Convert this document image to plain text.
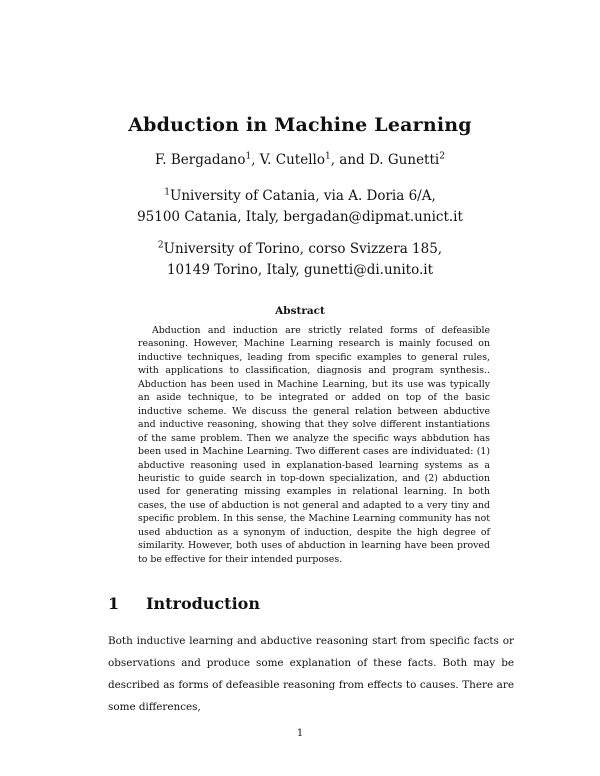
Abduction in Machine Learning
F. Bergadano$^1$, V. Cutello$^1$, and D. Gunetti$^2$
$^1$University of Catania, via A. Doria 6/A,
95100 Catania, Italy, bergadan@dipmat.unict.it
$^2$University of Torino, corso Svizzera 185,
10149 Torino, Italy, gunetti@di.unito.it
Abstract

Abduction and induction are strictly related forms of defeasible reasoning. However, Machine Learning research is mainly focused on inductive techniques, leading from specific examples to general rules, with applications to classification, diagnosis and program synthesis.. Abduction has been used in Machine Learning, but its use was typically an aside technique, to be integrated or added on top of the basic inductive scheme. We discuss the general relation between abductive and inductive reasoning, showing that they solve different instantiations of the same problem. Then we analyze the specific ways abbdution has been used in Machine Learning. Two different cases are individuated: (1) abductive reasoning used in explanation-based learning systems as a heuristic to guide search in top-down specialization, and (2) abduction used for generating missing examples in relational learning. In both cases, the use of abduction is not general and adapted to a very tiny and specific problem. In this sense, the Machine Learning community has not used abduction as a synonym of induction, despite the high degree of similarity. However, both uses of abduction in learning have been proved to be effective for their intended purposes.

1 Introduction

Both inductive learning and abductive reasoning start from specific facts or observations and produce some explanation of these facts. Both may be described as forms of defeasible reasoning from effects to causes. There are some differences,

1
